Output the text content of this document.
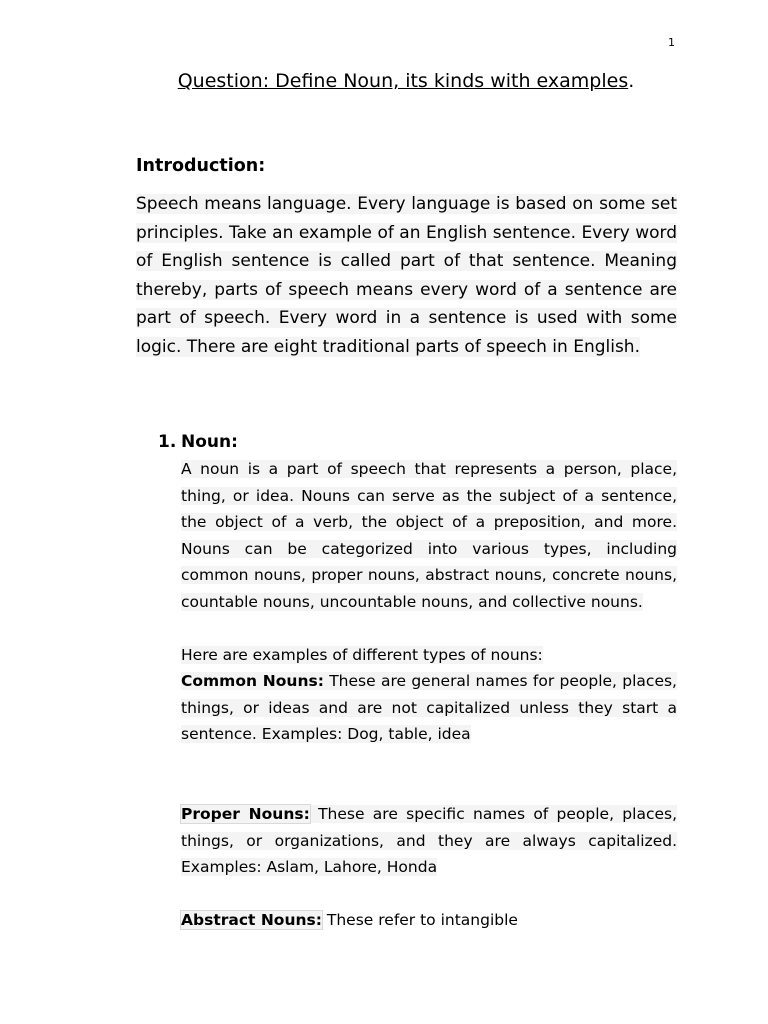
1
Question: Define Noun, its kinds with examples.
Introduction:

Speech means language. Every language is based on some set principles. Take an example of an English sentence. Every word of English sentence is called part of that sentence. Meaning thereby, parts of speech means every word of a sentence are part of speech. Every word in a sentence is used with some logic. There are eight traditional parts of speech in English.

1. Noun:

A noun is a part of speech that represents a person, place, thing, or idea. Nouns can serve as the subject of a sentence, the object of a verb, the object of a preposition, and more. Nouns can be categorized into various types, including common nouns, proper nouns, abstract nouns, concrete nouns, countable nouns, uncountable nouns, and collective nouns.

Here are examples of different types of nouns:

Common Nouns: These are general names for people, places, things, or ideas and are not capitalized unless they start a sentence. Examples: Dog, table, idea

Proper Nouns: These are specific names of people, places, things, or organizations, and they are always capitalized. Examples: Aslam, Lahore, Honda

Abstract Nouns: These refer to intangible
